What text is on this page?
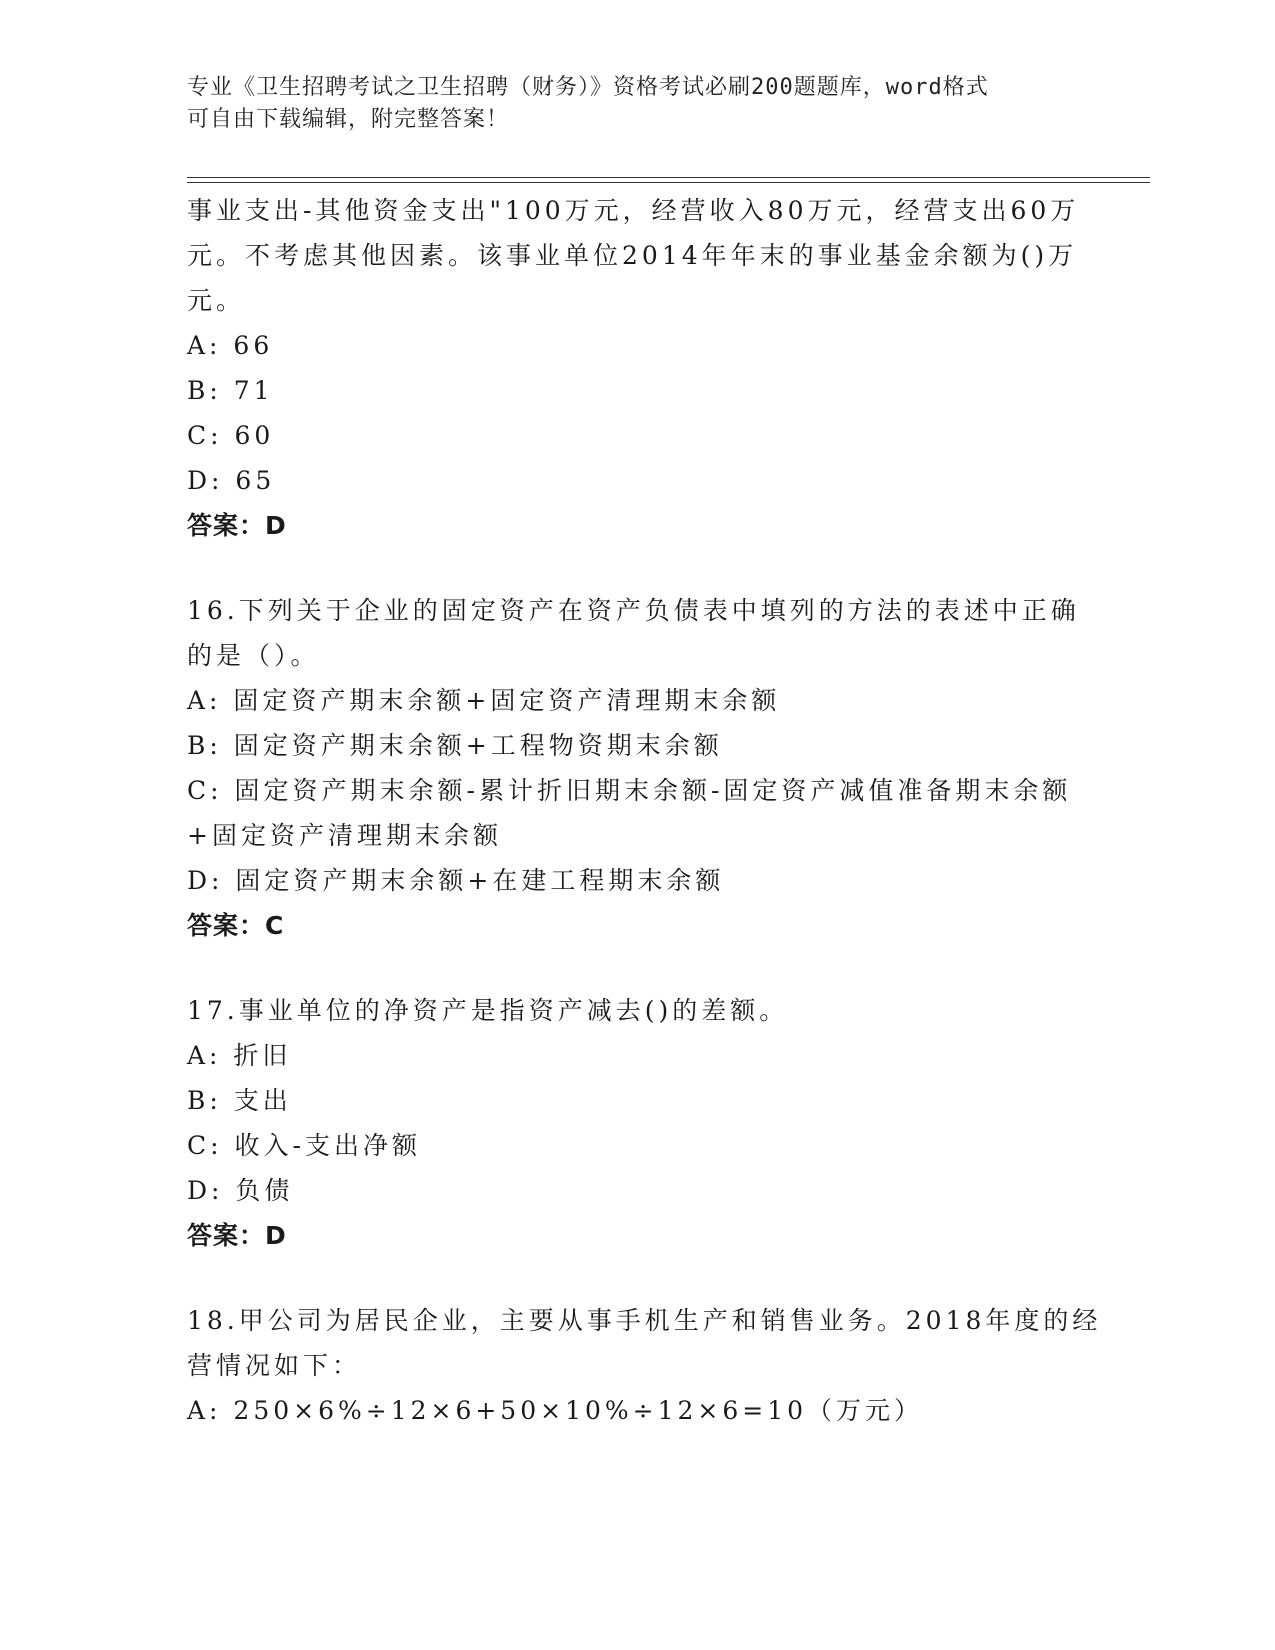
专业《卫生招聘考试之卫生招聘（财务）》资格考试必刷200题题库，word格式
可自由下载编辑，附完整答案！
事业支出-其他资金支出"100万元，经营收入80万元，经营支出60万
元。不考虑其他因素。该事业单位2014年年末的事业基金余额为()万
元。
A: 66
B: 71
C: 60
D: 65
答案：D
16.下列关于企业的固定资产在资产负债表中填列的方法的表述中正确
的是（）。
A: 固定资产期末余额+固定资产清理期末余额
B: 固定资产期末余额+工程物资期末余额
C: 固定资产期末余额-累计折旧期末余额-固定资产减值准备期末余额
+固定资产清理期末余额
D: 固定资产期末余额+在建工程期末余额
答案：C
17.事业单位的净资产是指资产减去()的差额。
A: 折旧
B: 支出
C: 收入-支出净额
D: 负债
答案：D
18.甲公司为居民企业，主要从事手机生产和销售业务。2018年度的经
营情况如下：
A: 250×6%÷12×6+50×10%÷12×6=10（万元）
